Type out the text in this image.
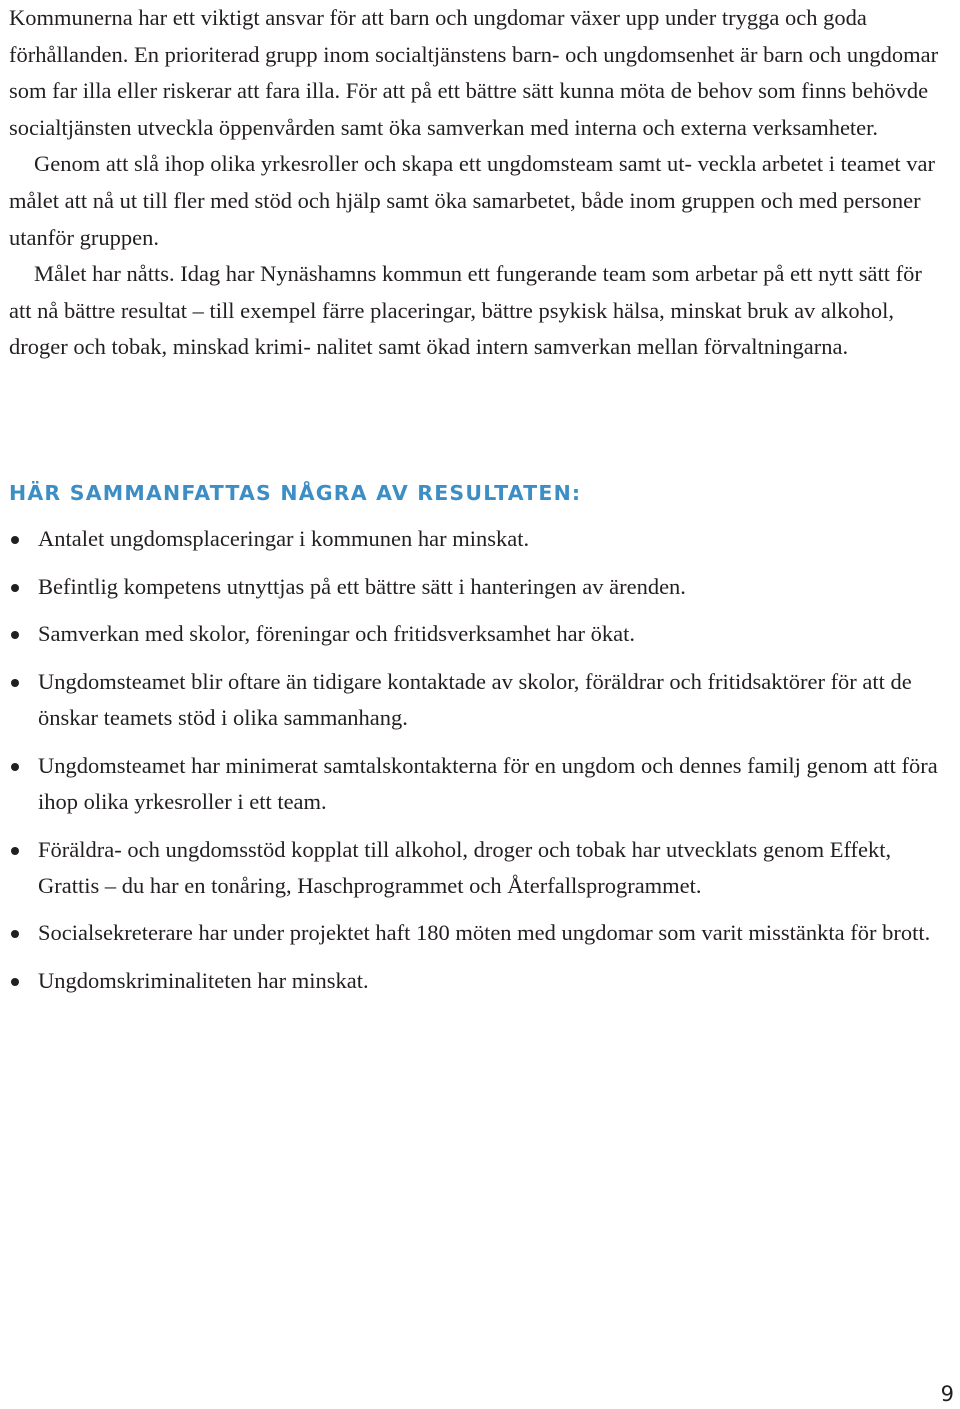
Kommunerna har ett viktigt ansvar för att barn och ungdomar växer upp under trygga och goda förhållanden. En prioriterad grupp inom socialtjänstens barn- och ungdomsenhet är barn och ungdomar som far illa eller riskerar att fara illa. För att på ett bättre sätt kunna möta de behov som finns behövde socialtjänsten utveckla öppenvården samt öka samverkan med interna och externa verksamheter.

Genom att slå ihop olika yrkesroller och skapa ett ungdomsteam samt ut- veckla arbetet i teamet var målet att nå ut till fler med stöd och hjälp samt öka samarbetet, både inom gruppen och med personer utanför gruppen.

Målet har nåtts. Idag har Nynäshamns kommun ett fungerande team som arbetar på ett nytt sätt för att nå bättre resultat – till exempel färre placeringar, bättre psykisk hälsa, minskat bruk av alkohol, droger och tobak, minskad krimi- nalitet samt ökad intern samverkan mellan förvaltningarna.

HÄR SAMMANFATTAS NÅGRA AV RESULTATEN:
Antalet ungdomsplaceringar i kommunen har minskat.
Befintlig kompetens utnyttjas på ett bättre sätt i hanteringen av ärenden.
Samverkan med skolor, föreningar och fritidsverksamhet har ökat.
Ungdomsteamet blir oftare än tidigare kontaktade av skolor, föräldrar och fritidsaktörer för att de önskar teamets stöd i olika sammanhang.
Ungdomsteamet har minimerat samtalskontakterna för en ungdom och dennes familj genom att föra ihop olika yrkesroller i ett team.
Föräldra- och ungdomsstöd kopplat till alkohol, droger och tobak har utvecklats genom Effekt, Grattis – du har en tonåring, Haschprogrammet och Återfallsprogrammet.
Socialsekreterare har under projektet haft 180 möten med ungdomar som varit misstänkta för brott.
Ungdomskriminaliteten har minskat.
9
